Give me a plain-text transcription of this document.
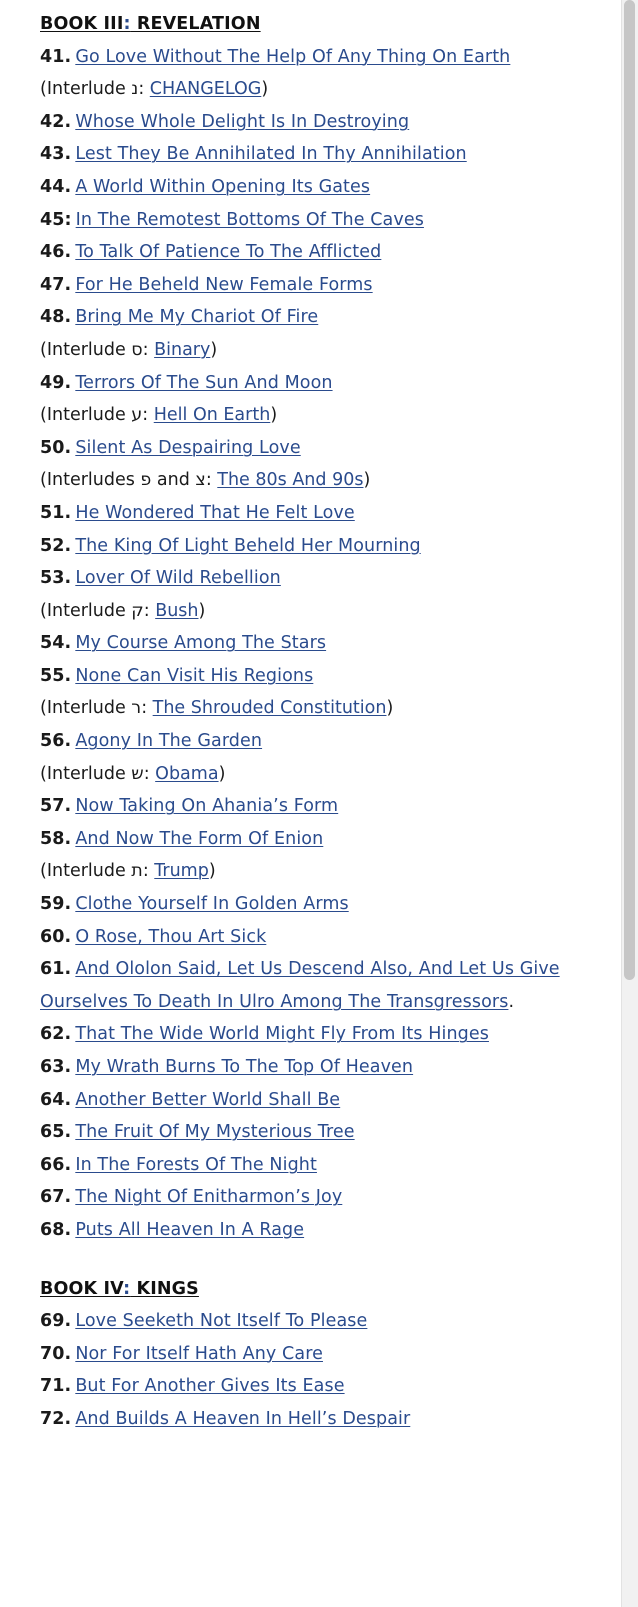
BOOK III: REVELATION
41. Go Love Without The Help Of Any Thing On Earth
(Interlude נ: CHANGELOG)
42. Whose Whole Delight Is In Destroying
43. Lest They Be Annihilated In Thy Annihilation
44. A World Within Opening Its Gates
45: In The Remotest Bottoms Of The Caves
46. To Talk Of Patience To The Afflicted
47. For He Beheld New Female Forms
48. Bring Me My Chariot Of Fire
(Interlude ס: Binary)
49. Terrors Of The Sun And Moon
(Interlude ע: Hell On Earth)
50. Silent As Despairing Love
(Interludes פ and צ: The 80s And 90s)
51. He Wondered That He Felt Love
52. The King Of Light Beheld Her Mourning
53. Lover Of Wild Rebellion
(Interlude ק: Bush)
54. My Course Among The Stars
55. None Can Visit His Regions
(Interlude ר: The Shrouded Constitution)
56. Agony In The Garden
(Interlude ש: Obama)
57. Now Taking On Ahania’s Form
58. And Now The Form Of Enion
(Interlude ת: Trump)
59. Clothe Yourself In Golden Arms
60. O Rose, Thou Art Sick
61. And Ololon Said, Let Us Descend Also, And Let Us Give Ourselves To Death In Ulro Among The Transgressors.
62. That The Wide World Might Fly From Its Hinges
63. My Wrath Burns To The Top Of Heaven
64. Another Better World Shall Be
65. The Fruit Of My Mysterious Tree
66. In The Forests Of The Night
67. The Night Of Enitharmon’s Joy
68. Puts All Heaven In A Rage
BOOK IV: KINGS
69. Love Seeketh Not Itself To Please
70. Nor For Itself Hath Any Care
71. But For Another Gives Its Ease
72. And Builds A Heaven In Hell’s Despair
